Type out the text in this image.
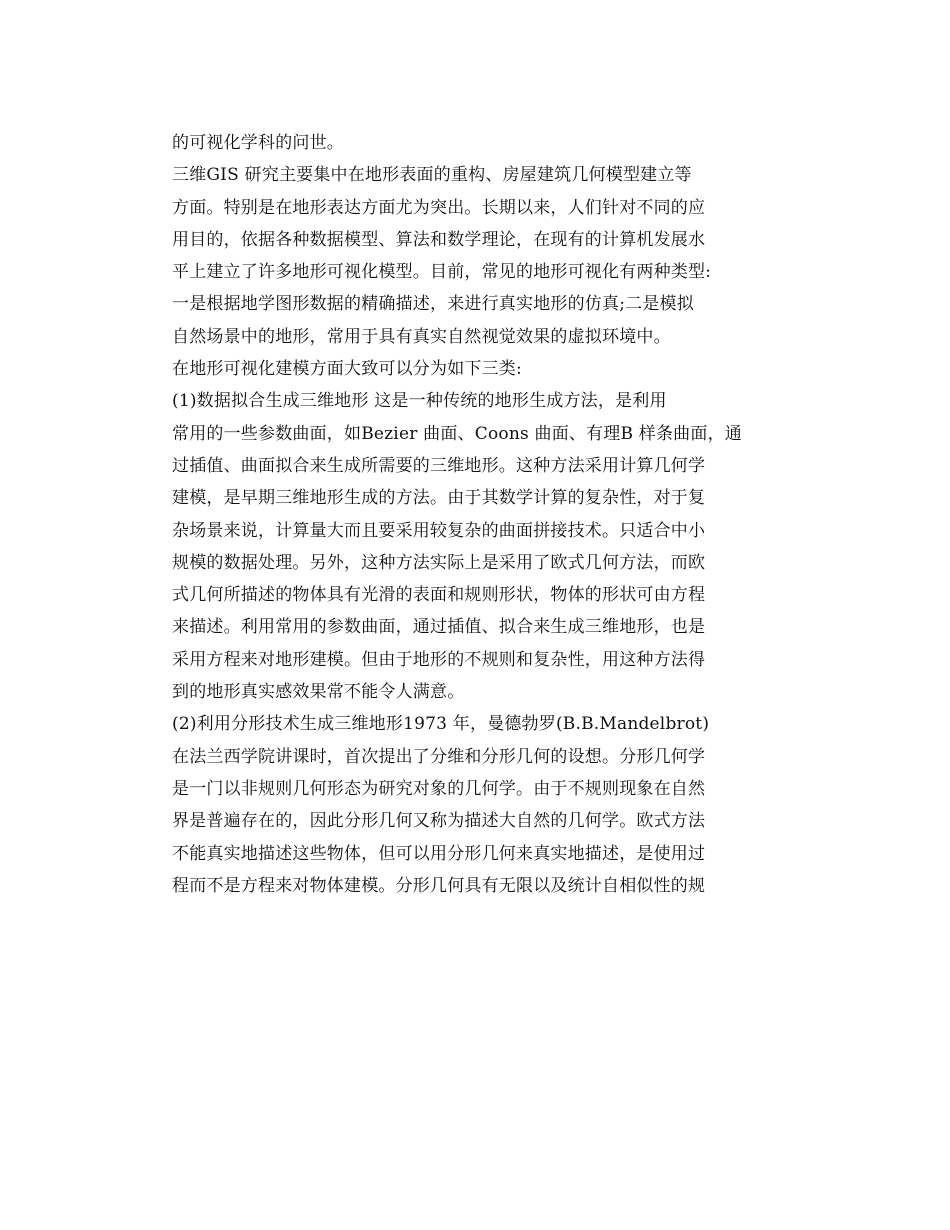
的可视化学科的问世。
三维GIS 研究主要集中在地形表面的重构、房屋建筑几何模型建立等
方面。特别是在地形表达方面尤为突出。长期以来，人们针对不同的应
用目的，依据各种数据模型、算法和数学理论，在现有的计算机发展水
平上建立了许多地形可视化模型。目前，常见的地形可视化有两种类型:
一是根据地学图形数据的精确描述，来进行真实地形的仿真;二是模拟
自然场景中的地形，常用于具有真实自然视觉效果的虚拟环境中。
在地形可视化建模方面大致可以分为如下三类:
(1)数据拟合生成三维地形 这是一种传统的地形生成方法，是利用
常用的一些参数曲面，如Bezier 曲面、Coons 曲面、有理B 样条曲面，通
过插值、曲面拟合来生成所需要的三维地形。这种方法采用计算几何学
建模，是早期三维地形生成的方法。由于其数学计算的复杂性，对于复
杂场景来说，计算量大而且要采用较复杂的曲面拼接技术。只适合中小
规模的数据处理。另外，这种方法实际上是采用了欧式几何方法，而欧
式几何所描述的物体具有光滑的表面和规则形状，物体的形状可由方程
来描述。利用常用的参数曲面，通过插值、拟合来生成三维地形，也是
采用方程来对地形建模。但由于地形的不规则和复杂性，用这种方法得
到的地形真实感效果常不能令人满意。
(2)利用分形技术生成三维地形1973 年，曼德勃罗(B.B.Mandelbrot)
在法兰西学院讲课时，首次提出了分维和分形几何的设想。分形几何学
是一门以非规则几何形态为研究对象的几何学。由于不规则现象在自然
界是普遍存在的，因此分形几何又称为描述大自然的几何学。欧式方法
不能真实地描述这些物体，但可以用分形几何来真实地描述，是使用过
程而不是方程来对物体建模。分形几何具有无限以及统计自相似性的规
